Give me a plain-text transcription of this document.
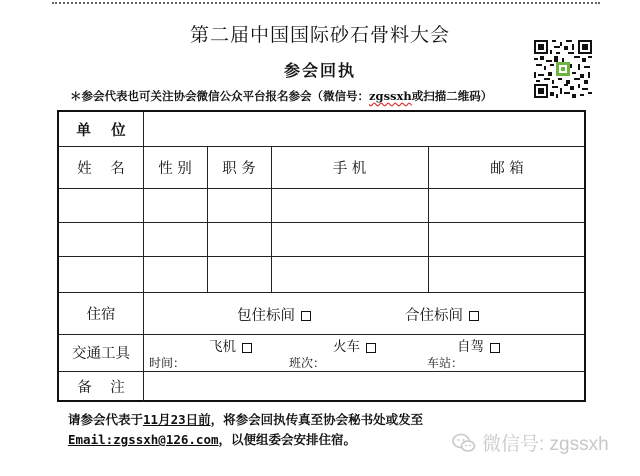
第二届中国国际砂石骨料大会
参会回执
＊参会代表也可关注协会微信公众平台报名参会（微信号：zgssxh或扫描二维码）
单    位
姓    名	性 别	职 务	手 机	邮 箱
住宿	包住标间	合住标间
交通工具	飞机	火车	自驾
时间：	班次：	车站：
备    注
请参会代表于11月23日前，将参会回执传真至协会秘书处或发至
Email:zgssxh@126.com，以便组委会安排住宿。	微信号: zgssxh
